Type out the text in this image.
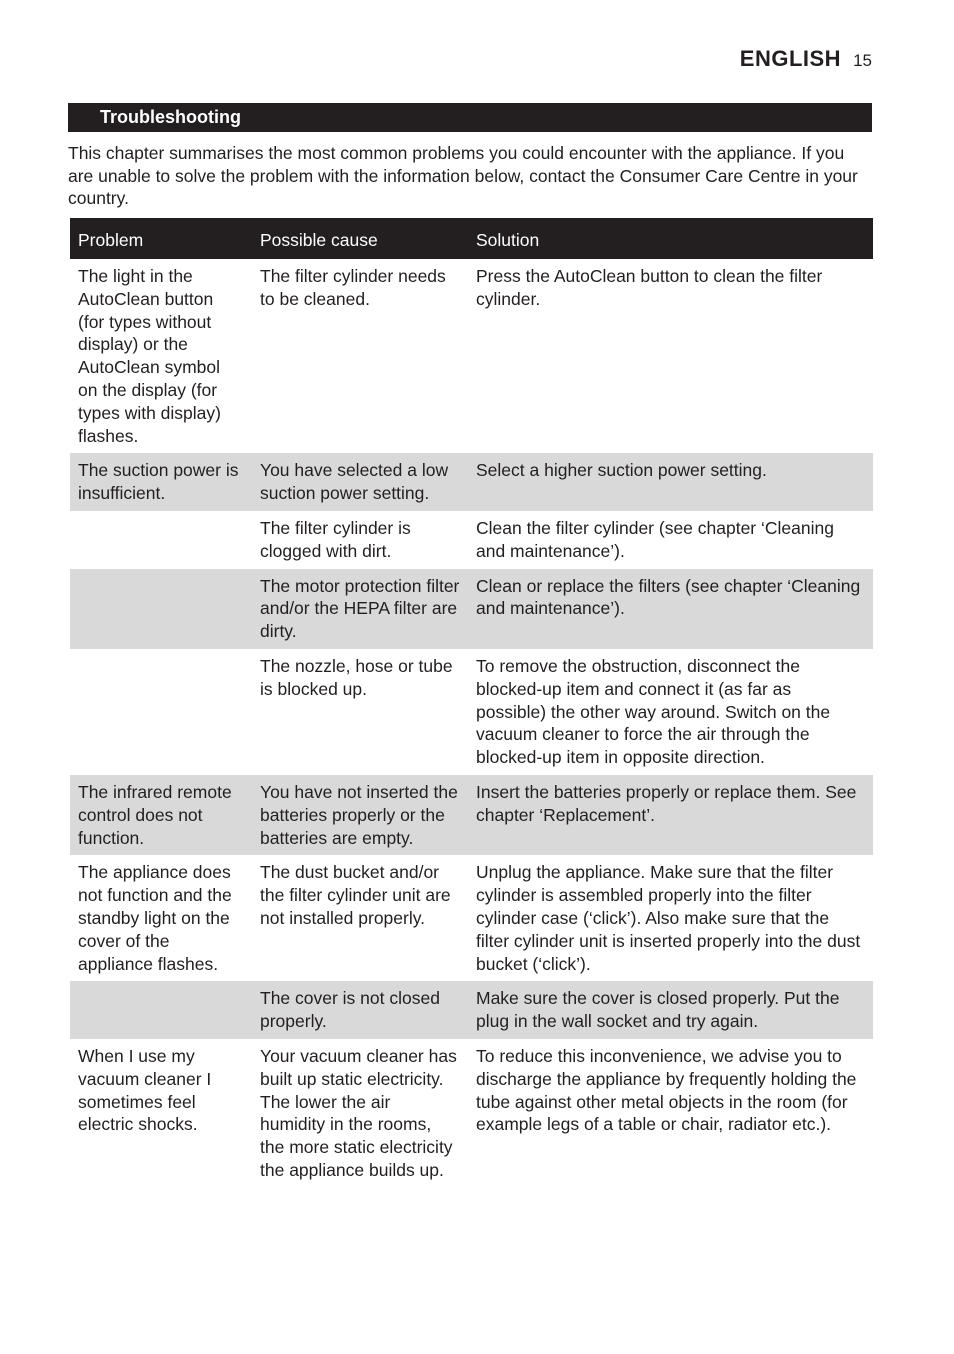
ENGLISH 15
Troubleshooting

This chapter summarises the most common problems you could encounter with the appliance. If you are unable to solve the problem with the information below, contact the Consumer Care Centre in your country.

Problem	Possible cause	Solution
The light in the AutoClean button (for types without display) or the AutoClean symbol on the display (for types with display) flashes.	The filter cylinder needs to be cleaned.	Press the AutoClean button to clean the filter cylinder.
The suction power is insufficient.	You have selected a low suction power setting.	Select a higher suction power setting.
	The filter cylinder is clogged with dirt.	Clean the filter cylinder (see chapter ‘Cleaning and maintenance’).
	The motor protection filter and/or the HEPA filter are dirty.	Clean or replace the filters (see chapter ‘Cleaning and maintenance’).
	The nozzle, hose or tube is blocked up.	To remove the obstruction, disconnect the blocked-up item and connect it (as far as possible) the other way around. Switch on the vacuum cleaner to force the air through the blocked-up item in opposite direction.
The infrared remote control does not function.	You have not inserted the batteries properly or the batteries are empty.	Insert the batteries properly or replace them. See chapter ‘Replacement’.
The appliance does not function and the standby light on the cover of the appliance flashes.	The dust bucket and/or the filter cylinder unit are not installed properly.	Unplug the appliance. Make sure that the filter cylinder is assembled properly into the filter cylinder case (‘click’). Also make sure that the filter cylinder unit is inserted properly into the dust bucket (‘click’).
	The cover is not closed properly.	Make sure the cover is closed properly. Put the plug in the wall socket and try again.
When I use my vacuum cleaner I sometimes feel electric shocks.	Your vacuum cleaner has built up static electricity. The lower the air humidity in the rooms, the more static electricity the appliance builds up.	To reduce this inconvenience, we advise you to discharge the appliance by frequently holding the tube against other metal objects in the room (for example legs of a table or chair, radiator etc.).
